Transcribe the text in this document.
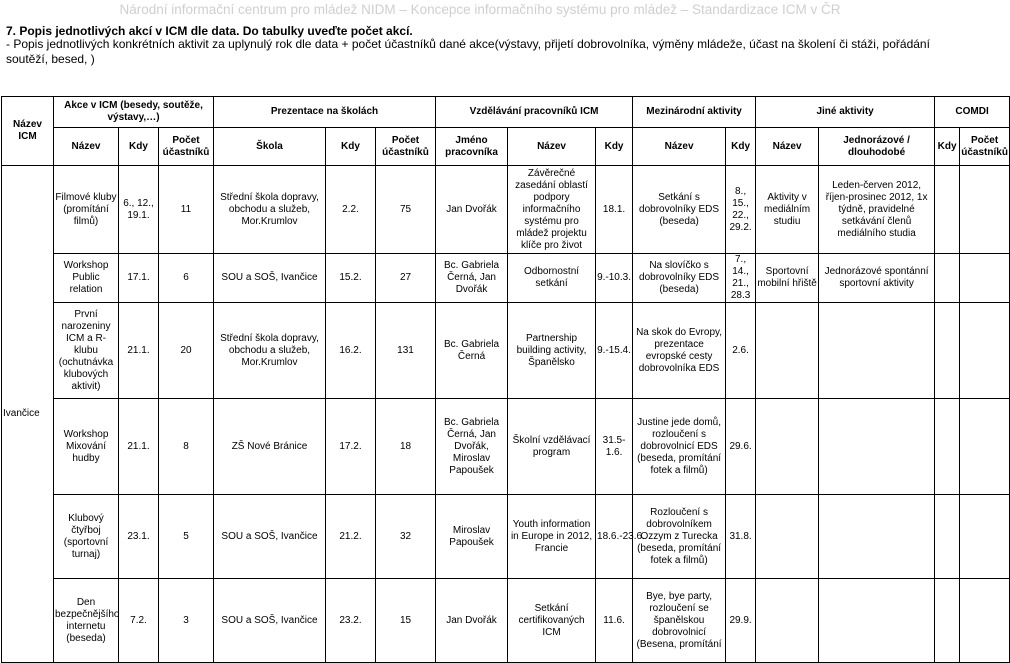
Národní informační centrum pro mládež NIDM – Koncepce informačního systému pro mládež – Standardizace ICM v ČR
7. Popis jednotlivých akcí v ICM dle data. Do tabulky uveďte počet akcí.
- Popis jednotlivých konkrétních aktivit za uplynulý rok dle data + počet účastníků dané akce(výstavy, přijetí dobrovolníka, výměny mládeže, účast na školení či stáži, pořádání soutěží, besed, )
Název ICM	Akce v ICM (besedy, soutěže, výstavy,…)			Prezentace na školách			Vzdělávání pracovníků ICM			Mezinárodní aktivity		Jiné aktivity		COMDI	
	Název	Kdy	Počet účastníků	Škola	Kdy	Počet účastníků	Jméno pracovníka	Název	Kdy	Název	Kdy	Název	Jednorázové / dlouhodobé	Kdy	Počet účastníků
Ivančice	Filmové kluby (promítání filmů)	6., 12., 19.1.	11	Střední škola dopravy, obchodu a služeb, Mor.Krumlov	2.2.	75	Jan Dvořák	Závěrečné zasedání oblastí podpory informačního systému pro mládež projektu klíče pro život	18.1.	Setkání s dobrovolníky EDS (beseda)	8., 15., 22., 29.2.	Aktivity v mediálním studiu	Leden-červen 2012, říjen-prosinec 2012, 1x týdně, pravidelné setkávání členů mediálního studia		
	Workshop Public relation	17.1.	6	SOU a SOŠ, Ivančice	15.2.	27	Bc. Gabriela Černá, Jan Dvořák	Odbornostní setkání	9.-10.3.	Na slovíčko s dobrovolníky EDS (beseda)	7., 14., 21., 28.3	Sportovní mobilní hřiště	Jednorázové spontánní sportovní aktivity		
	První narozeniny ICM a R-klubu (ochutnávka klubových aktivit)	21.1.	20	Střední škola dopravy, obchodu a služeb, Mor.Krumlov	16.2.	131	Bc. Gabriela Černá	Partnership building activity, Španělsko	9.-15.4.	Na skok do Evropy, prezentace evropské cesty dobrovolníka EDS	2.6.				
	Workshop Mixování hudby	21.1.	8	ZŠ Nové Bránice	17.2.	18	Bc. Gabriela Černá, Jan Dvořák, Miroslav Papoušek	Školní vzdělávací program	31.5-1.6.	Justine jede domů, rozloučení s dobrovolnicí EDS (beseda, promítání fotek a filmů)	29.6.				
	Klubový čtyřboj (sportovní turnaj)	23.1.	5	SOU a SOŠ, Ivančice	21.2.	32	Miroslav Papoušek	Youth information in Europe in 2012, Francie	18.6.-23.6.	Rozloučení s dobrovolníkem Ozzym z Turecka (beseda, promítání fotek a filmů)	31.8.				
	Den bezpečnějšího internetu (beseda)	7.2.	3	SOU a SOŠ, Ivančice	23.2.	15	Jan Dvořák	Setkání certifikovaných ICM	11.6.	Bye, bye party, rozloučení se španělskou dobrovolnicí (Besena, promítání	29.9.				
